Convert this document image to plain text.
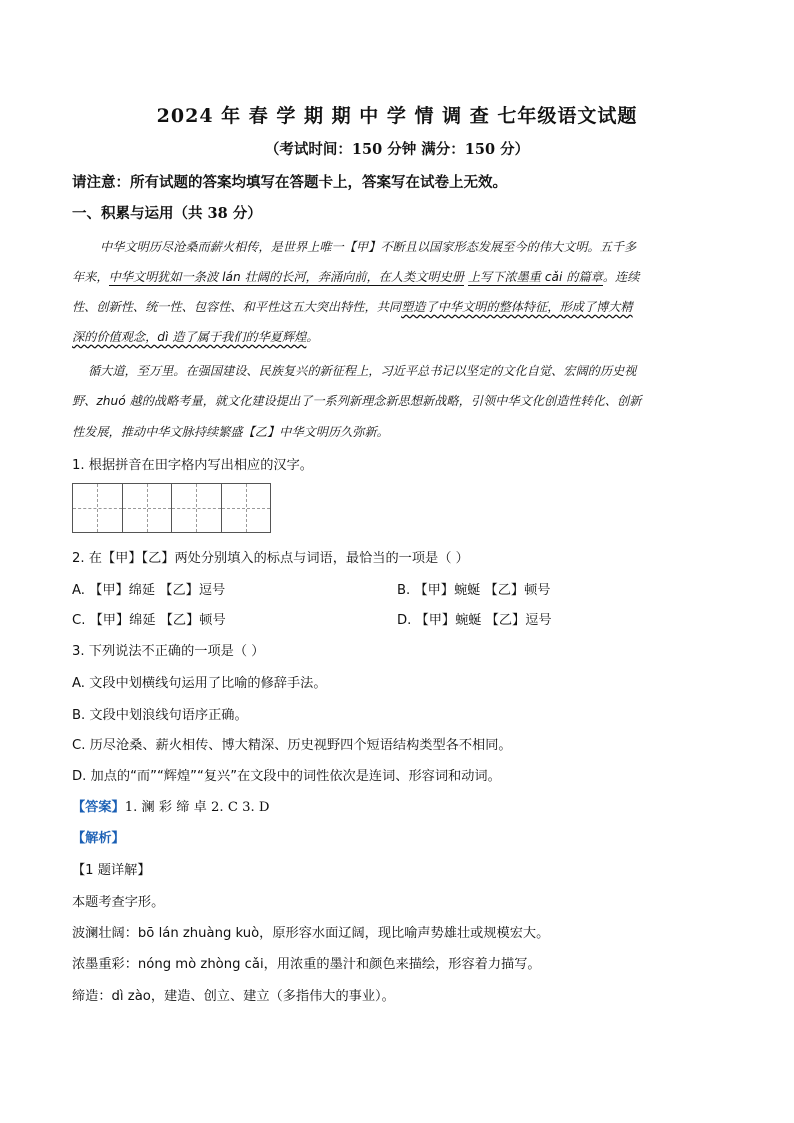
2024 年 春 学 期 期 中 学 情 调 查 七年级语文试题
（考试时间：150 分钟 满分：150 分）
请注意：所有试题的答案均填写在答题卡上，答案写在试卷上无效。
一、积累与运用（共 38 分）
中华文明历尽沧桑而薪火相传，是世界上唯一【甲】不断且以国家形态发展至今的伟大文明。五千多
年来，中华文明犹如一条波 lán 壮阔的长河，奔涌向前，在人类文明史册 上写下浓墨重 cǎi 的篇章。连续
性、创新性、统一性、包容性、和平性这五大突出特性，共同塑造了中华文明的整体特征，形成了博大精
深的价值观念，dì 造了属于我们的华夏辉煌。
循大道，至万里。在强国建设、民族复兴的新征程上，习近平总书记以坚定的文化自觉、宏阔的历史视
野、zhuó 越的战略考量，就文化建设提出了一系列新理念新思想新战略，引领中华文化创造性转化、创新
性发展，推动中华文脉持续繁盛【乙】中华文明历久弥新。
1. 根据拼音在田字格内写出相应的汉字。
2. 在【甲】【乙】两处分别填入的标点与词语，最恰当的一项是（ ）
A. 【甲】绵延 【乙】逗号	B. 【甲】蜿蜒 【乙】顿号
C. 【甲】绵延 【乙】顿号	D. 【甲】蜿蜒 【乙】逗号
3. 下列说法不正确的一项是（ ）
A. 文段中划横线句运用了比喻的修辞手法。
B. 文段中划浪线句语序正确。
C. 历尽沧桑、薪火相传、博大精深、历史视野四个短语结构类型各不相同。
D. 加点的“而”“辉煌”“复兴”在文段中的词性依次是连词、形容词和动词。
【答案】1. 澜 彩 缔 卓 2. C 3. D
【解析】
【1 题详解】
本题考查字形。
波澜壮阔：bō lán zhuàng kuò，原形容水面辽阔，现比喻声势雄壮或规模宏大。
浓墨重彩：nóng mò zhòng cǎi，用浓重的墨汁和颜色来描绘，形容着力描写。
缔造：dì zào，建造、创立、建立（多指伟大的事业）。
